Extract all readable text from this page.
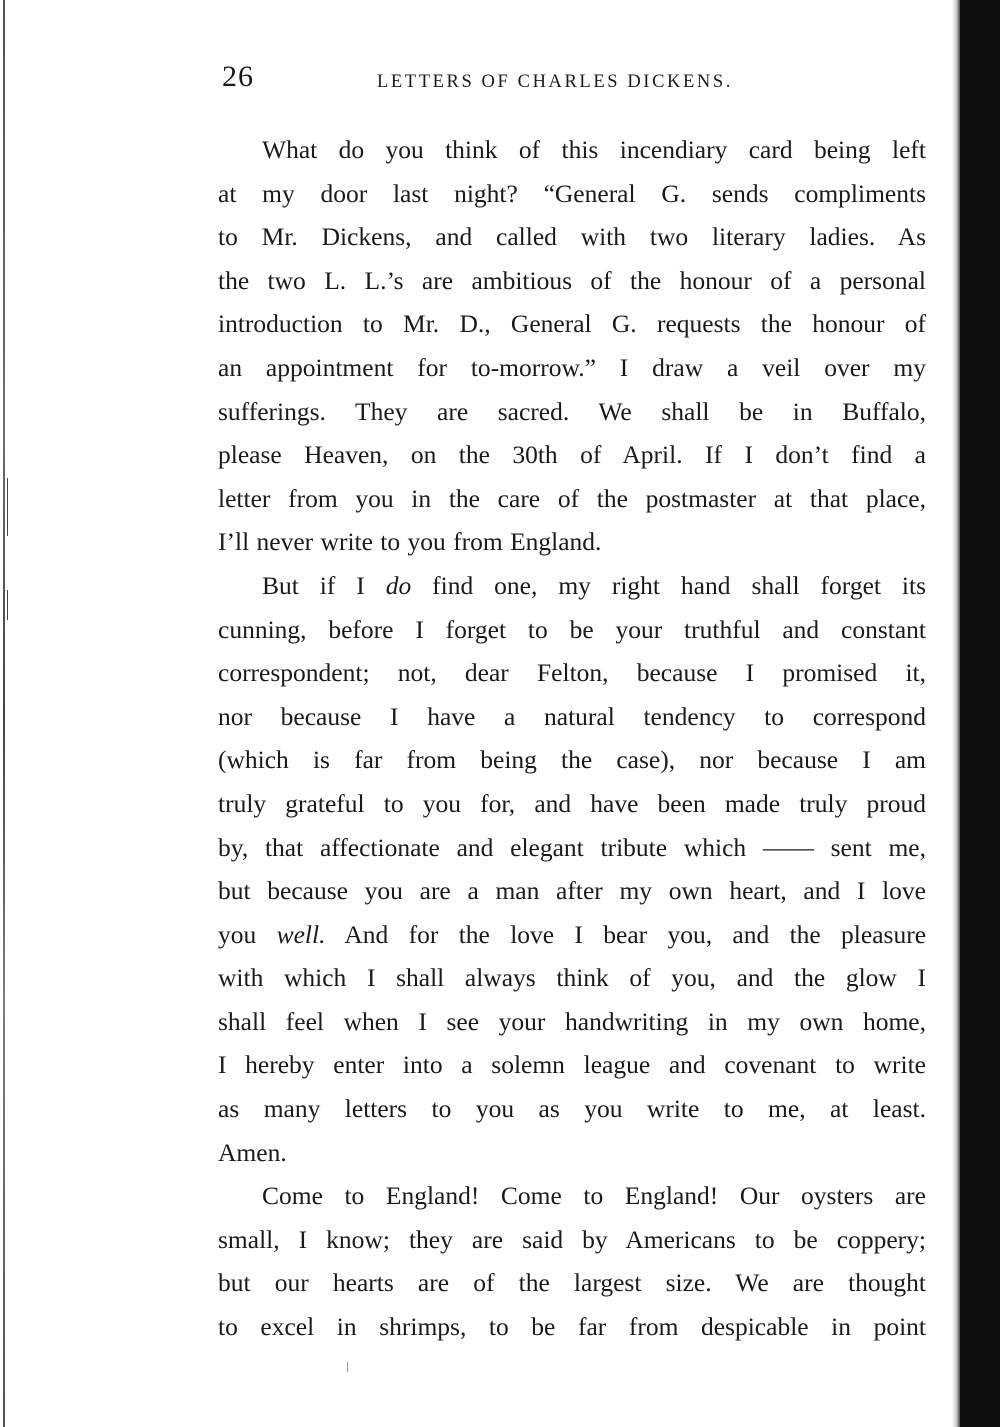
26	LETTERS OF CHARLES DICKENS.
What do you think of this incendiary card being left
at my door last night? “General G. sends compliments
to Mr. Dickens, and called with two literary ladies. As
the two L. L.’s are ambitious of the honour of a personal
introduction to Mr. D., General G. requests the honour of
an appointment for to-morrow.” I draw a veil over my
sufferings. They are sacred. We shall be in Buffalo,
please Heaven, on the 30th of April. If I don’t find a
letter from you in the care of the postmaster at that place,
I’ll never write to you from England.
But if I do find one, my right hand shall forget its
cunning, before I forget to be your truthful and constant
correspondent; not, dear Felton, because I promised it,
nor because I have a natural tendency to correspond
(which is far from being the case), nor because I am
truly grateful to you for, and have been made truly proud
by, that affectionate and elegant tribute which —— sent me,
but because you are a man after my own heart, and I love
you well. And for the love I bear you, and the pleasure
with which I shall always think of you, and the glow I
shall feel when I see your handwriting in my own home,
I hereby enter into a solemn league and covenant to write
as many letters to you as you write to me, at least.
Amen.
Come to England! Come to England! Our oysters are
small, I know; they are said by Americans to be coppery;
but our hearts are of the largest size. We are thought
to excel in shrimps, to be far from despicable in point
